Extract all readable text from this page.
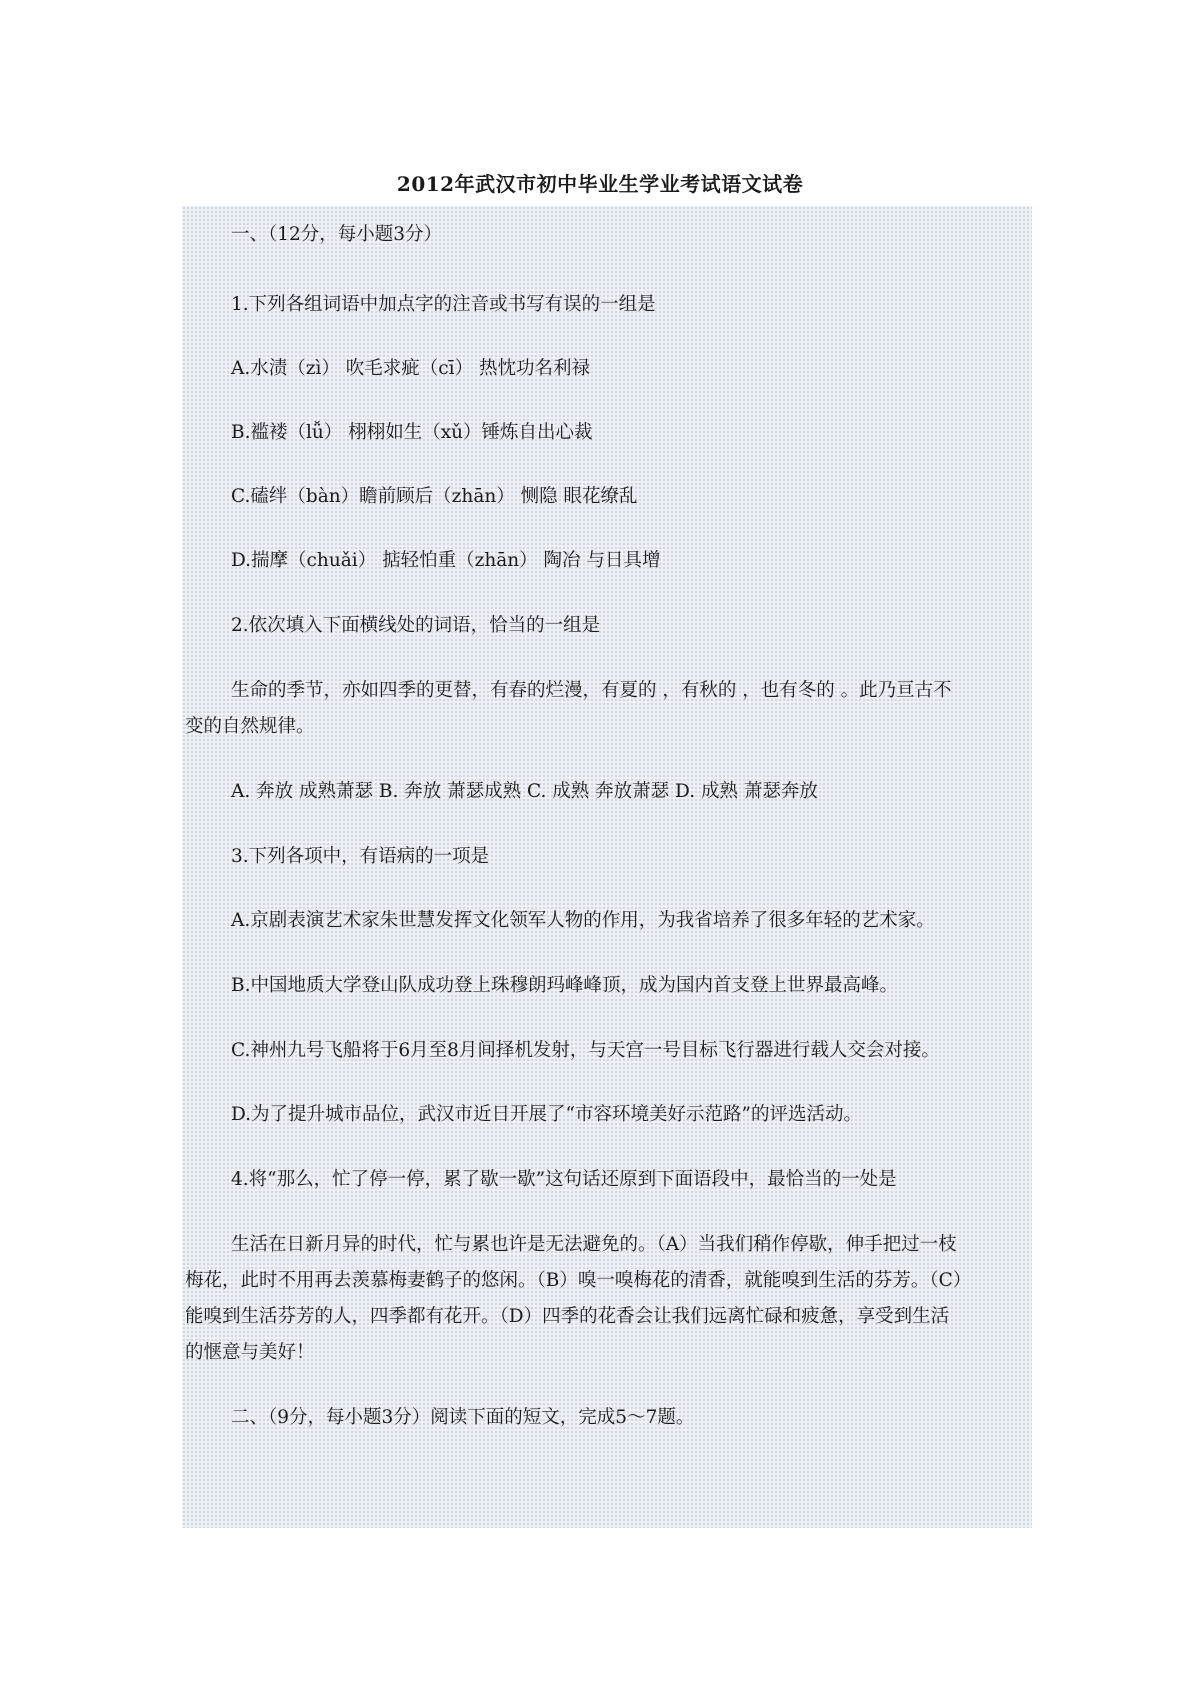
2012年武汉市初中毕业生学业考试语文试卷
一、（12分，每小题3分）
1.下列各组词语中加点字的注音或书写有误的一组是
A.水渍（zì） 吹毛求疵（cī） 热忱功名利禄
B.褴褛（lǚ） 栩栩如生（xǔ）锤炼自出心裁
C.磕绊（bàn）瞻前顾后（zhān） 恻隐 眼花缭乱
D.揣摩（chuǎi） 掂轻怕重（zhān） 陶冶 与日具增
2.依次填入下面横线处的词语，恰当的一组是
生命的季节，亦如四季的更替，有春的烂漫，有夏的 ，有秋的 ，也有冬的 。此乃亘古不
变的自然规律。
A. 奔放 成熟萧瑟 B. 奔放 萧瑟成熟 C. 成熟 奔放萧瑟 D. 成熟 萧瑟奔放
3.下列各项中，有语病的一项是
A.京剧表演艺术家朱世慧发挥文化领军人物的作用，为我省培养了很多年轻的艺术家。
B.中国地质大学登山队成功登上珠穆朗玛峰峰顶，成为国内首支登上世界最高峰。
C.神州九号飞船将于6月至8月间择机发射，与天宫一号目标飞行器进行载人交会对接。
D.为了提升城市品位，武汉市近日开展了“市容环境美好示范路”的评选活动。
4.将“那么，忙了停一停，累了歇一歇”这句话还原到下面语段中，最恰当的一处是
生活在日新月异的时代，忙与累也许是无法避免的。（A）当我们稍作停歇，伸手把过一枝
梅花，此时不用再去羡慕梅妻鹤子的悠闲。（B）嗅一嗅梅花的清香，就能嗅到生活的芬芳。（C）
能嗅到生活芬芳的人，四季都有花开。（D）四季的花香会让我们远离忙碌和疲惫，享受到生活
的惬意与美好！
二、（9分，每小题3分）阅读下面的短文，完成5～7题。
